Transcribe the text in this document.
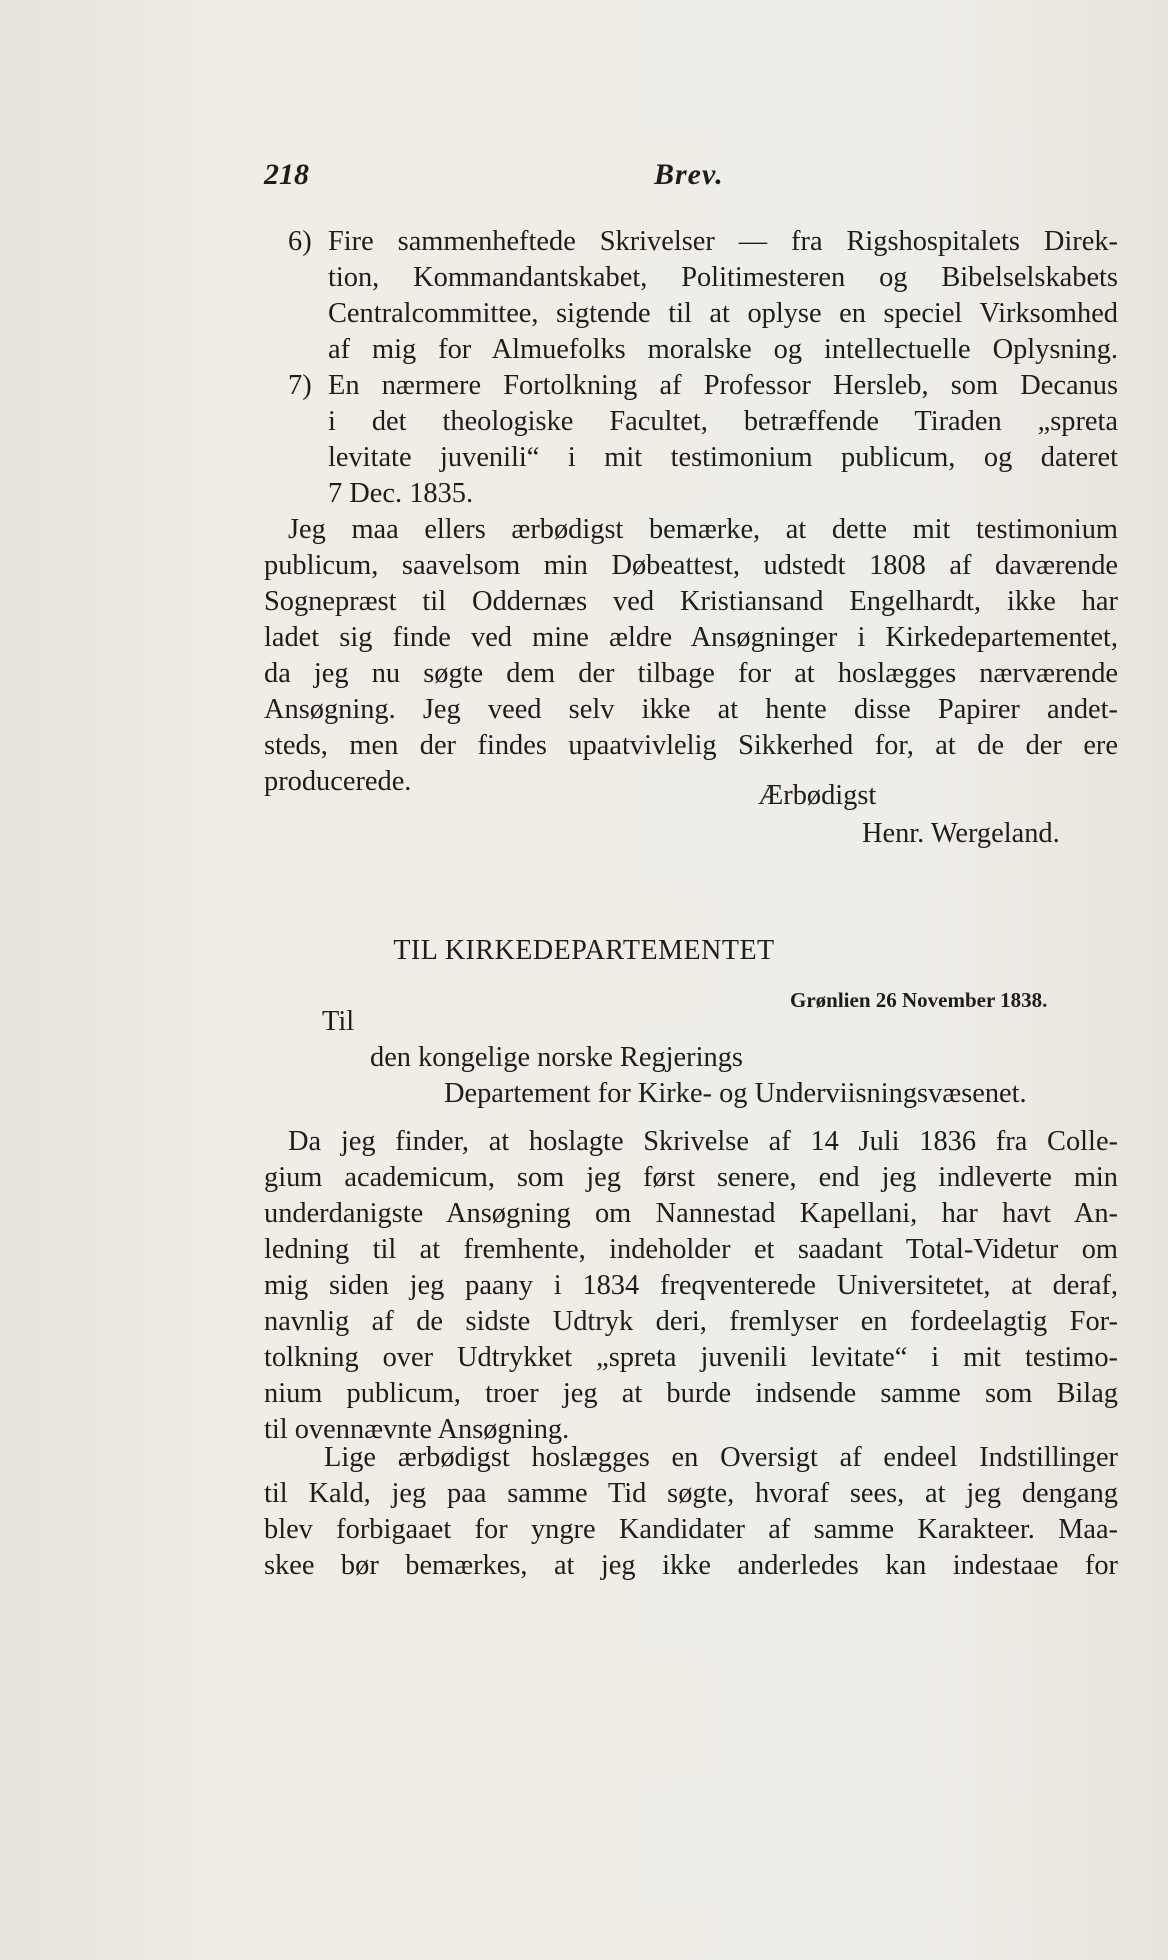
218	Brev.
6) Fire sammenheftede Skrivelser — fra Rigshospitalets Direk-
tion, Kommandantskabet, Politimesteren og Bibelselskabets
Centralcommittee, sigtende til at oplyse en speciel Virksomhed
af mig for Almuefolks moralske og intellectuelle Oplysning.
7) En nærmere Fortolkning af Professor Hersleb, som Decanus
i det theologiske Facultet, betræffende Tiraden „spreta
levitate juvenili“ i mit testimonium publicum, og dateret
7 Dec. 1835.
Jeg maa ellers ærbødigst bemærke, at dette mit testimonium
publicum, saavelsom min Døbeattest, udstedt 1808 af daværende
Sognepræst til Oddernæs ved Kristiansand Engelhardt, ikke har
ladet sig finde ved mine ældre Ansøgninger i Kirkedepartementet,
da jeg nu søgte dem der tilbage for at hoslægges nærværende
Ansøgning. Jeg veed selv ikke at hente disse Papirer andet-
steds, men der findes upaatvivlelig Sikkerhed for, at de der ere
producerede.	Ærbødigst
Henr. Wergeland.
TIL KIRKEDEPARTEMENTET
Grønlien 26 November 1838.
Til
den kongelige norske Regjerings
Departement for Kirke- og Underviisningsvæsenet.
Da jeg finder, at hoslagte Skrivelse af 14 Juli 1836 fra Colle-
gium academicum, som jeg først senere, end jeg indleverte min
underdanigste Ansøgning om Nannestad Kapellani, har havt An-
ledning til at fremhente, indeholder et saadant Total-Videtur om
mig siden jeg paany i 1834 freqventerede Universitetet, at deraf,
navnlig af de sidste Udtryk deri, fremlyser en fordeelagtig For-
tolkning over Udtrykket „spreta juvenili levitate“ i mit testimo-
nium publicum, troer jeg at burde indsende samme som Bilag
til ovennævnte Ansøgning.
Lige ærbødigst hoslægges en Oversigt af endeel Indstillinger
til Kald, jeg paa samme Tid søgte, hvoraf sees, at jeg dengang
blev forbigaaet for yngre Kandidater af samme Karakteer. Maa-
skee bør bemærkes, at jeg ikke anderledes kan indestaae for
